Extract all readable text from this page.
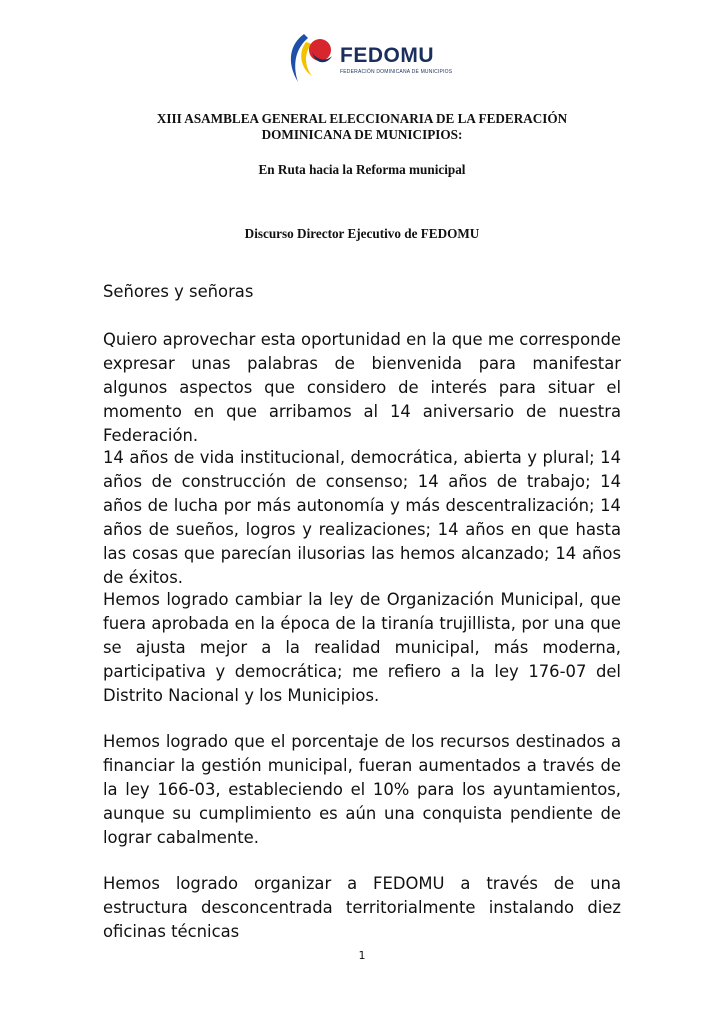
FEDOMU
FEDERACIÓN DOMINICANA DE MUNICIPIOS
XIII ASAMBLEA GENERAL ELECCIONARIA DE LA FEDERACIÓN
DOMINICANA DE MUNICIPIOS:
En Ruta hacia la Reforma municipal
Discurso Director Ejecutivo de FEDOMU

Señores y señoras

Quiero aprovechar esta oportunidad en la que me corresponde expresar unas palabras de bienvenida para manifestar algunos aspectos que considero de interés para situar el momento en que arribamos al 14 aniversario de nuestra Federación.

14 años de vida institucional, democrática, abierta y plural; 14 años de construcción de consenso; 14 años de trabajo; 14 años de lucha por más autonomía y más descentralización; 14 años de sueños, logros y realizaciones; 14 años en que hasta las cosas que parecían ilusorias las hemos alcanzado; 14 años de éxitos.

Hemos logrado cambiar la ley de Organización Municipal, que fuera aprobada en la época de la tiranía trujillista, por una que se ajusta mejor a la realidad municipal, más moderna, participativa y democrática; me refiero a la ley 176-07 del Distrito Nacional y los Municipios.

Hemos logrado que el porcentaje de los recursos destinados a financiar la gestión municipal, fueran aumentados a través de la ley 166-03, estableciendo el 10% para los ayuntamientos, aunque su cumplimiento es aún una conquista pendiente de lograr cabalmente.

Hemos logrado organizar a FEDOMU a través de una estructura desconcentrada territorialmente instalando diez oficinas técnicas

1
